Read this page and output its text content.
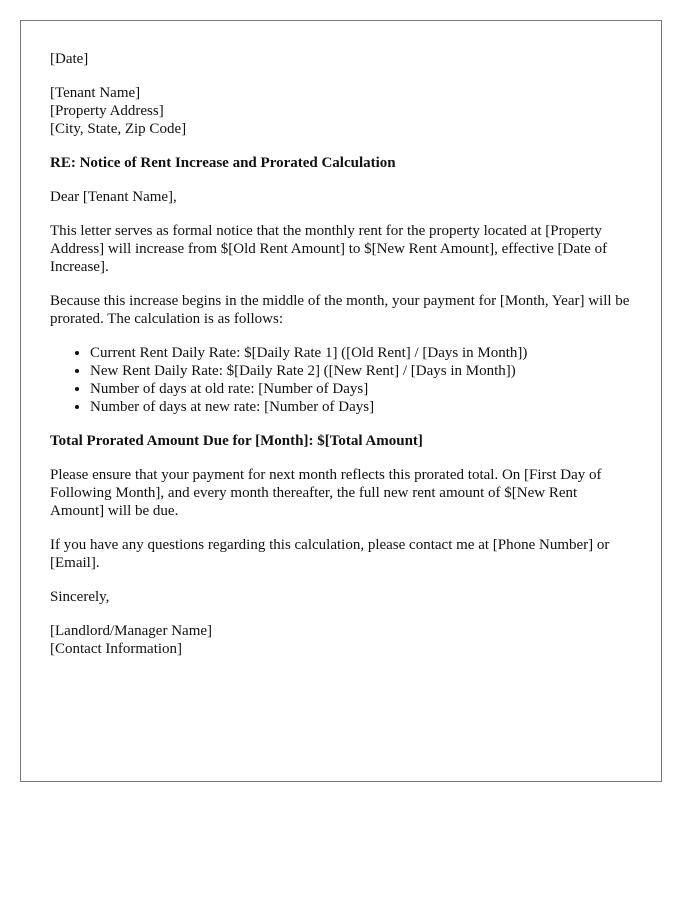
[Date]

[Tenant Name]
[Property Address]
[City, State, Zip Code]

RE: Notice of Rent Increase and Prorated Calculation

Dear [Tenant Name],

This letter serves as formal notice that the monthly rent for the property located at [Property Address] will increase from $[Old Rent Amount] to $[New Rent Amount], effective [Date of Increase].

Because this increase begins in the middle of the month, your payment for [Month, Year] will be prorated. The calculation is as follows:

• Current Rent Daily Rate: $[Daily Rate 1] ([Old Rent] / [Days in Month])
• New Rent Daily Rate: $[Daily Rate 2] ([New Rent] / [Days in Month])
• Number of days at old rate: [Number of Days]
• Number of days at new rate: [Number of Days]

Total Prorated Amount Due for [Month]: $[Total Amount]

Please ensure that your payment for next month reflects this prorated total. On [First Day of Following Month], and every month thereafter, the full new rent amount of $[New Rent Amount] will be due.

If you have any questions regarding this calculation, please contact me at [Phone Number] or [Email].

Sincerely,

[Landlord/Manager Name]
[Contact Information]
